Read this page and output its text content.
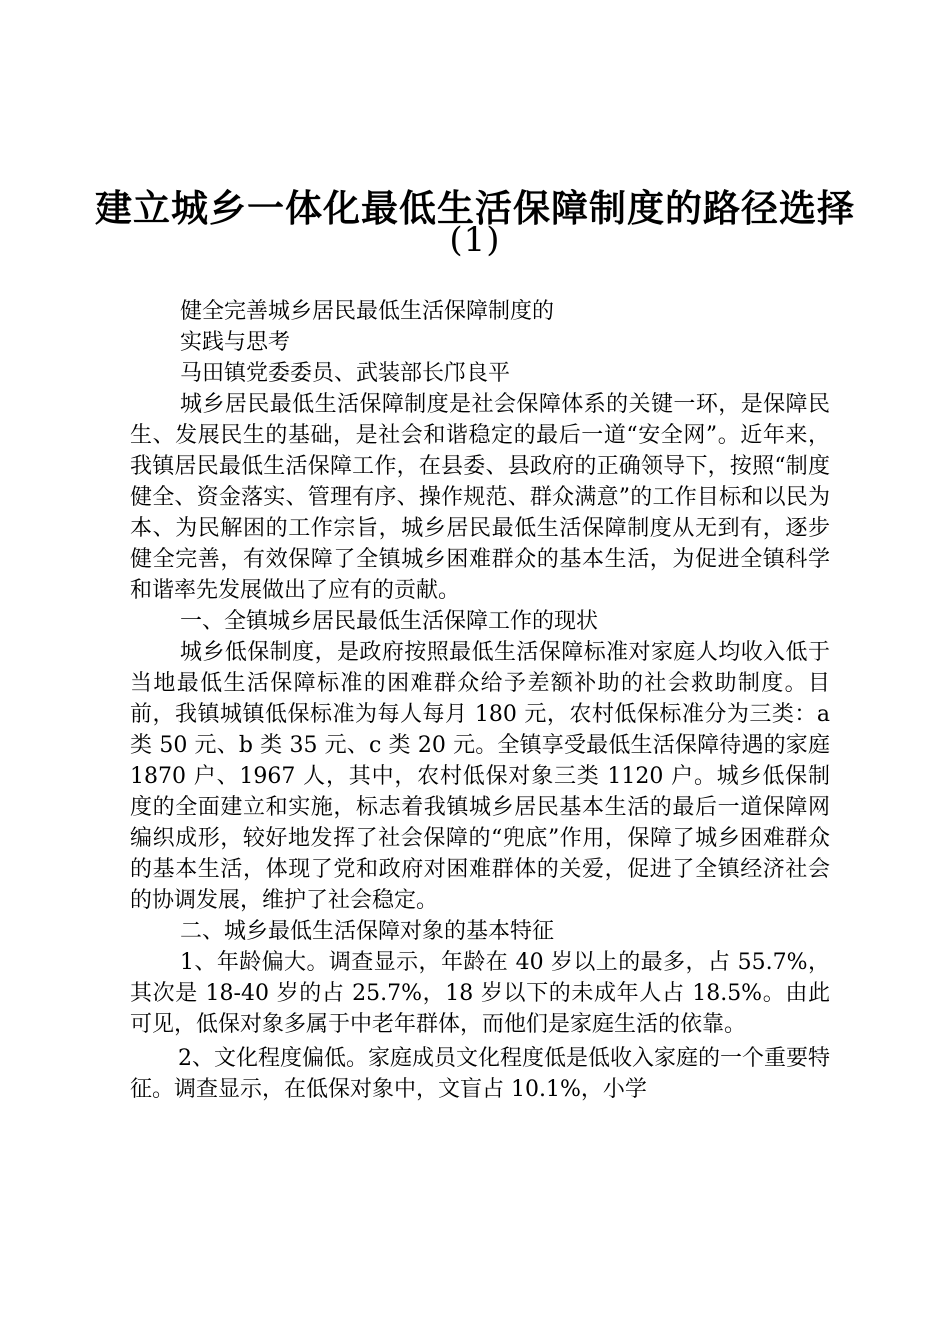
建立城乡一体化最低生活保障制度的路径选择
(1)

健全完善城乡居民最低生活保障制度的

实践与思考

马田镇党委委员、武装部长邝良平

城乡居民最低生活保障制度是社会保障体系的关键一环，是保障民生、发展民生的基础，是社会和谐稳定的最后一道“安全网”。近年来，我镇居民最低生活保障工作，在县委、县政府的正确领导下，按照“制度健全、资金落实、管理有序、操作规范、群众满意”的工作目标和以民为本、为民解困的工作宗旨，城乡居民最低生活保障制度从无到有，逐步健全完善，有效保障了全镇城乡困难群众的基本生活，为促进全镇科学和谐率先发展做出了应有的贡献。

一、全镇城乡居民最低生活保障工作的现状

城乡低保制度，是政府按照最低生活保障标准对家庭人均收入低于当地最低生活保障标准的困难群众给予差额补助的社会救助制度。目前，我镇城镇低保标准为每人每月 180 元，农村低保标准分为三类：a 类 50 元、b 类 35 元、c 类 20 元。全镇享受最低生活保障待遇的家庭 1870 户、1967 人，其中，农村低保对象三类 1120 户。城乡低保制度的全面建立和实施，标志着我镇城乡居民基本生活的最后一道保障网编织成形，较好地发挥了社会保障的“兜底”作用，保障了城乡困难群众的基本生活，体现了党和政府对困难群体的关爱，促进了全镇经济社会的协调发展，维护了社会稳定。

二、城乡最低生活保障对象的基本特征

1、年龄偏大。调查显示，年龄在 40 岁以上的最多，占 55.7%，其次是 18-40 岁的占 25.7%，18 岁以下的未成年人占 18.5%。由此可见，低保对象多属于中老年群体，而他们是家庭生活的依靠。

2、文化程度偏低。家庭成员文化程度低是低收入家庭的一个重要特征。调查显示，在低保对象中，文盲占 10.1%，小学
